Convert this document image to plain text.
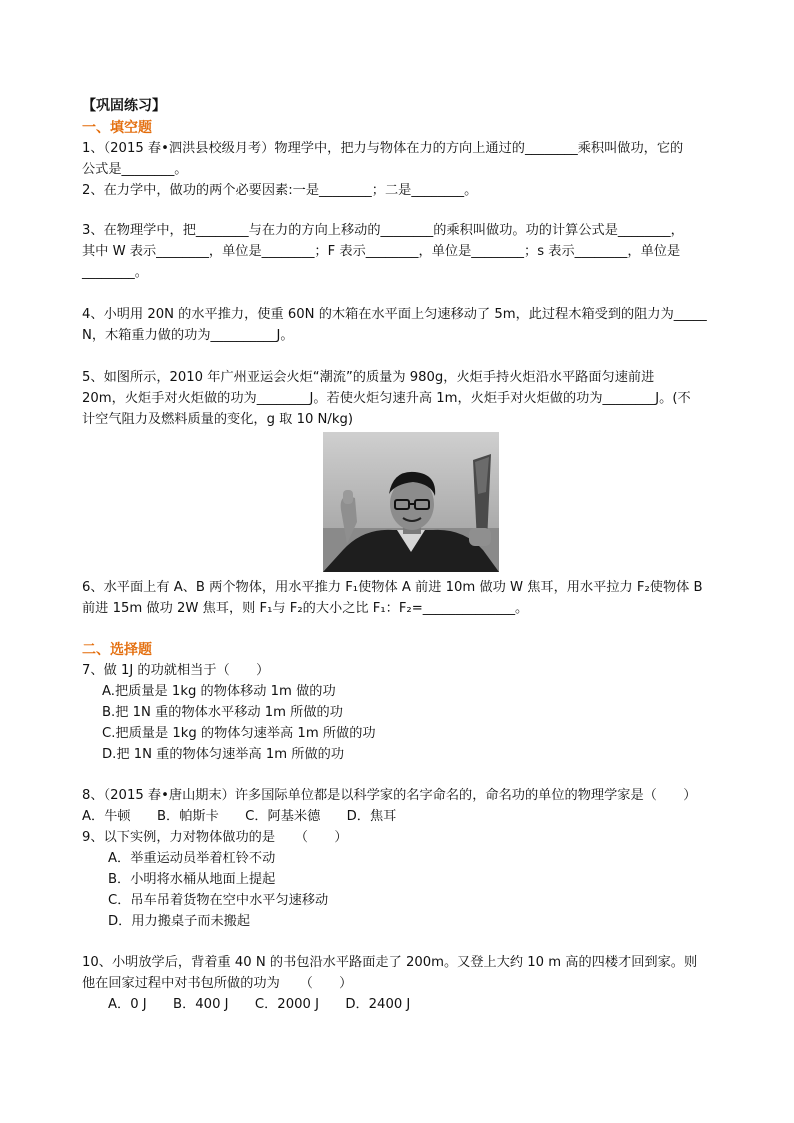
【巩固练习】
一、填空题
1、（2015 春•泗洪县校级月考）物理学中，把力与物体在力的方向上通过的________乘积叫做功，它的
公式是________。
2、在力学中，做功的两个必要因素:一是________；二是________。
3、在物理学中，把________与在力的方向上移动的________的乘积叫做功。功的计算公式是________，
其中 W 表示________，单位是________；F 表示________，单位是________；s 表示________，单位是
________。
4、小明用 20N 的水平推力，使重 60N 的木箱在水平面上匀速移动了 5m，此过程木箱受到的阻力为_____
N，木箱重力做的功为__________J。
5、如图所示，2010 年广州亚运会火炬“潮流”的质量为 980g，火炬手持火炬沿水平路面匀速前进
20m，火炬手对火炬做的功为________J。若使火炬匀速升高 1m，火炬手对火炬做的功为________J。(不
计空气阻力及燃料质量的变化，g 取 10 N/kg)
6、水平面上有 A、B 两个物体，用水平推力 F₁使物体 A 前进 10m 做功 W 焦耳，用水平拉力 F₂使物体 B
前进 15m 做功 2W 焦耳，则 F₁与 F₂的大小之比 F₁：F₂=______________。
二、选择题
7、做 1J 的功就相当于（　　）
A.把质量是 1kg 的物体移动 1m 做的功
B.把 1N 重的物体水平移动 1m 所做的功
C.把质量是 1kg 的物体匀速举高 1m 所做的功
D.把 1N 重的物体匀速举高 1m 所做的功
8、（2015 春•唐山期末）许多国际单位都是以科学家的名字命名的，命名功的单位的物理学家是（　　）
A．牛顿　　B．帕斯卡　　C．阿基米德　　D．焦耳
9、以下实例，力对物体做功的是　　（　　）
A．举重运动员举着杠铃不动
B．小明将水桶从地面上提起
C．吊车吊着货物在空中水平匀速移动
D．用力搬桌子而未搬起
10、小明放学后，背着重 40 N 的书包沿水平路面走了 200m。又登上大约 10 m 高的四楼才回到家。则
他在回家过程中对书包所做的功为　　（　　）
A．0 J　　B．400 J　　C．2000 J　　D．2400 J
